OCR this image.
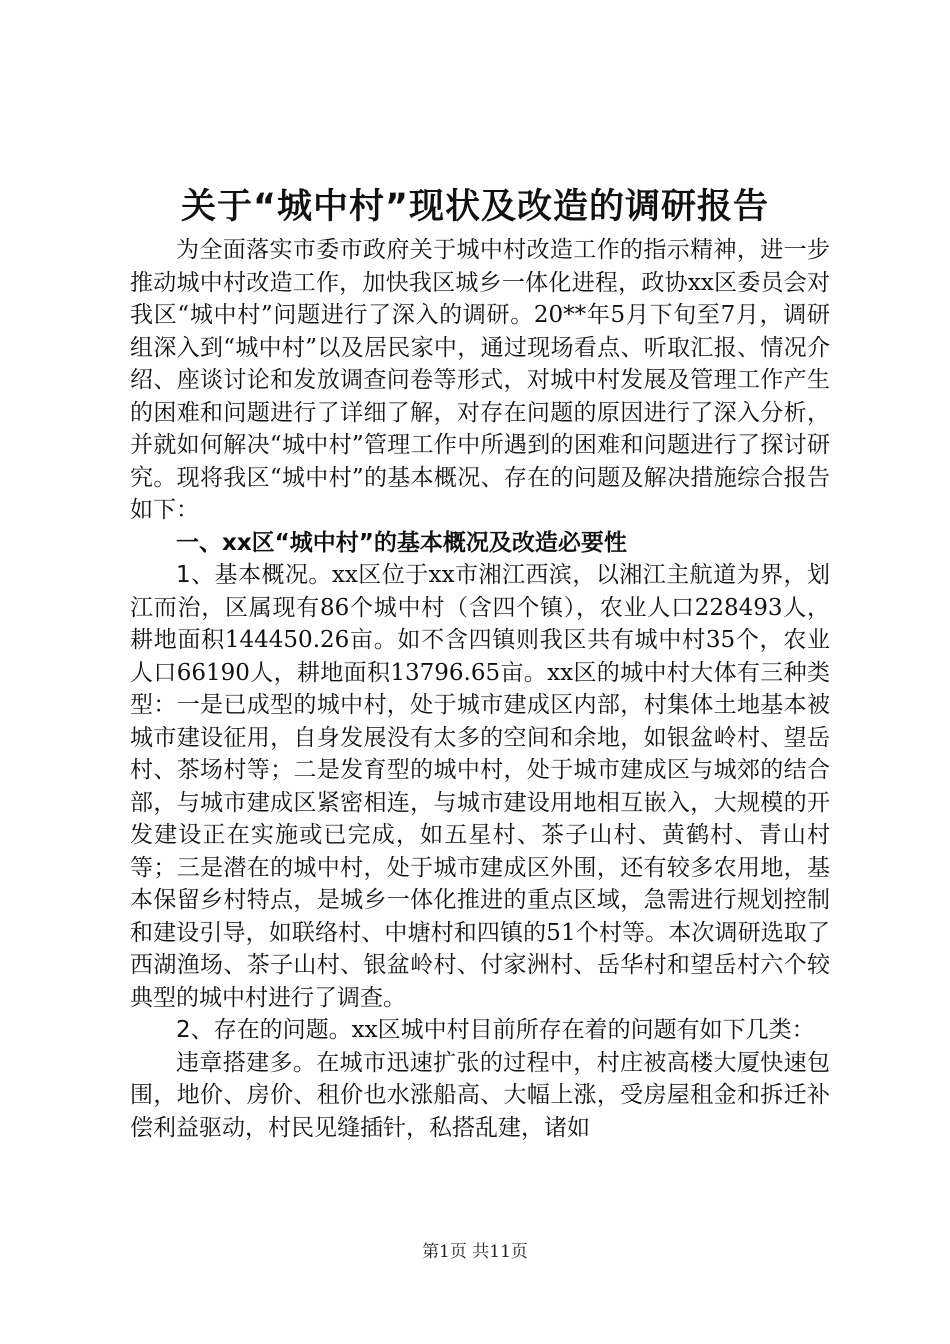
关于“城中村”现状及改造的调研报告

为全面落实市委市政府关于城中村改造工作的指示精神，进一步推动城中村改造工作，加快我区城乡一体化进程，政协xx区委员会对我区“城中村”问题进行了深入的调研。20**年5月下旬至7月，调研组深入到“城中村”以及居民家中，通过现场看点、听取汇报、情况介绍、座谈讨论和发放调查问卷等形式，对城中村发展及管理工作产生的困难和问题进行了详细了解，对存在问题的原因进行了深入分析，并就如何解决“城中村”管理工作中所遇到的困难和问题进行了探讨研究。现将我区“城中村”的基本概况、存在的问题及解决措施综合报告如下：

一、xx区“城中村”的基本概况及改造必要性

1、基本概况。xx区位于xx市湘江西滨，以湘江主航道为界，划江而治，区属现有86个城中村（含四个镇），农业人口228493人，耕地面积144450.26亩。如不含四镇则我区共有城中村35个，农业人口66190人，耕地面积13796.65亩。xx区的城中村大体有三种类型：一是已成型的城中村，处于城市建成区内部，村集体土地基本被城市建设征用，自身发展没有太多的空间和余地，如银盆岭村、望岳村、茶场村等；二是发育型的城中村，处于城市建成区与城郊的结合部，与城市建成区紧密相连，与城市建设用地相互嵌入，大规模的开发建设正在实施或已完成，如五星村、茶子山村、黄鹤村、青山村等；三是潜在的城中村，处于城市建成区外围，还有较多农用地，基本保留乡村特点，是城乡一体化推进的重点区域，急需进行规划控制和建设引导，如联络村、中塘村和四镇的51个村等。本次调研选取了西湖渔场、茶子山村、银盆岭村、付家洲村、岳华村和望岳村六个较典型的城中村进行了调查。

2、存在的问题。xx区城中村目前所存在着的问题有如下几类：

违章搭建多。在城市迅速扩张的过程中，村庄被高楼大厦快速包围，地价、房价、租价也水涨船高、大幅上涨，受房屋租金和拆迁补偿利益驱动，村民见缝插针，私搭乱建，诸如

第1页 共11页
